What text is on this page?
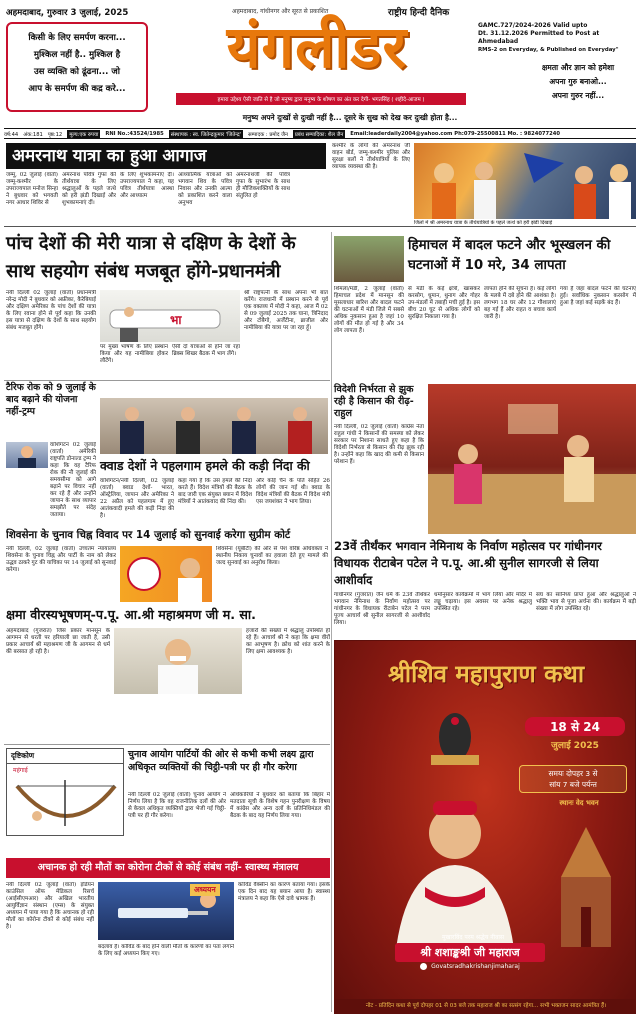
अहमदाबाद, गुरुवार 3 जुलाई, 2025	अहमदाबाद, गांधीनगर और सूरत से प्रकाशित	राष्ट्रीय हिन्दी दैनिक
किसी के लिए समर्पण करना...
मुश्किल नहीं है.. मुश्किल है
उस व्यक्ति को ढूंढना... जो
आप के समर्पण की कद्र करे...
यंगलीडर
हमारा उद्देश्य ऐसी जाति से है जो मनुष्य द्वारा मनुष्य के शोषण का अंत कर देगी- भगतसिंह ( शहीदे-आजम )
GAMC.727/2024-2026 Valid upto
Dt. 31.12.2026 Permitted to Post at Ahmedabad
RMS-2 on Everyday, & Published on Everyday"
क्षमता और ज्ञान को हमेशा
अपना गुरु बनाओ...
अपना गुरुर नहीं...
मनुष्य अपने दुःखों से दुःखी नहीं है... दूसरे के सुख को देख कर दुःखी होता है...
वर्ष:44 अंक:181 पृष्ठ:12	मूल्य:एक रुपया	RNI No.:43524/1985	संस्थापक : स्व. जितेन्द्रकुमार 'जितेन्द्र'	सम्पादक : प्रमोद जैन	प्रबंध सम्पादिका: शैल जैन	Email:leaderdaily2004@yahoo.com Ph:079-25500811 Mo. : 9824077240
अमरनाथ यात्रा का हुआ आगाज
जम्मू, 02 जुलाई (वार्ता) जम्मू-कश्मीर के उपराज्यपाल मनोज सिन्हा ने बुधवार को भगवती नगर आधार शिविर से
अमरनाथ पवित्र गुफा की तीर्थयात्रा के लिए श्रद्धालुओं के पहले जत्थे को हरी झंडी दिखाई और शुभकामनाएं दीं।
के लिए शुभकामनाएं दीं। उपराज्यपाल ने कहा, यह पवित्र तीर्थयात्रा आस्था और आध्यात्म
आध्यात्मिक यात्राओं को भगवान शिव के पवित्र निवास और उनकी आत्मा को प्रकाशित करने वाला अनुभव
अमरनाथजी की पवित्र गुफा के सुभारंभ के साथ ही मौजिकशक्तियों के साथ संतुलित हो
कश्मीर के लोगों की अमरनाथ जी वाहन बोर्ड, जम्मू-कश्मीर पुलिस और सुरक्षा बलों ने तीर्थयात्रियों के लिए व्यापक व्यवस्था की है।
जिलों में श्री अमरनाथ यात्रा के तीर्थयात्रियों के पहले जत्थे को हरी झंडी दिखाई
पांच देशों की मेरी यात्रा से दक्षिण के देशों के साथ सहयोग संबंध मजबूत होंगे-प्रधानमंत्री
नयी दिल्ली 02 जुलाई (वार्ता) प्रधानमंत्री नरेन्द्र मोदी ने बुधवार को अफ्रीका, कैरेबियाई और दक्षिण अमेरिका के पांच देशों की यात्रा के लिए रवाना होने से पूर्व कहा कि उनकी इस यात्रा से दक्षिण के देशों के साथ सहयोग संबंध मजबूत होंगे।
भा
पर मुख्य भाषण के लिए प्रस्थान किया और यह नामीबिया होकर लौटेंगे।
ऐसी दो यात्राओं से होने जा रहा ब्रिक्स शिखर बैठक में भाग लेंगे।
श्री राष्ट्रपत्नी के साथ अपना भी बात करेंगे। राजधानी में प्रस्थान करने से पूर्व एक वक्तव्य में मोदी ने कहा, आज मैं 02 से 09 जुलाई 2025 तक घाना, त्रिनिदाद और टोबैगो, अर्जेंटीना, ब्राजील और नामीबिया की यात्रा पर जा रहा हूँ।
टैरिफ रोक को 9 जुलाई के बाद बढ़ाने की योजना नहीं-ट्रम्प
वाशिंगटन 02 जुलाई (वार्ता) अमेरिकी राष्ट्रपति डोनाल्ड ट्रम्प ने कहा कि वह टैरिफ रोक की नौ जुलाई की समयसीमा को आगे बढ़ाने पर विचार नहीं कर रहे हैं और उन्होंने जापान के साथ व्यापार समझौते पर संदेह जताया।
क्वाड देशों ने पहलगाम हमले की कड़ी निंदा की
वाशिंगटन/नयी दिल्ली, 02 जुलाई (वार्ता) क्वाड देशों- भारत, ऑस्ट्रेलिया, जापान और अमेरिका ने 22 अप्रैल को पहलगाम में हुए आतंकवादी हमले की कड़ी निंदा की है।
कहा गया है कि उस हमले की निंदा करते हैं। विदेश मंत्रियों की बैठक के बाद जारी एक संयुक्त बयान में विदेश मंत्रियों ने आतंकवाद की निंदा की।
और कोई चैन के पति सहित 26 लोगों की जान गई थी। क्वाड के विदेश मंत्रियों की बैठक में विदेश मंत्री एस जयशंकर ने भाग लिया।
हिमाचल में बादल फटने और भूस्खलन की घटनाओं में 10 मरे, 34 लापता
शिमला/मंडी, 2 जुलाई (वार्ता) हिमाचल प्रदेश में मानसून की मूसलाधार बारिश और बादल फटने की घटनाओं में मंडी जिले में सबसे अधिक नुकसान हुआ है जहां 10 लोगों की मौत हो गई है और 34 लोग लापता हैं।
से मंडी के कई क्षेत्रों, खासकर करसोग, धुमान, थुनाग और गोहर उप-मंडलों में तबाही मची हुई है। इस बीच 20 घुट से अधिक लोगों को सुरक्षित निकाला गया है।
लापता होने की सूचना है। कई लोगों के मलबे में दबे होने की आशंका है। लगभग 18 घर और 12 गौशालाएं बह गई हैं और राहत व बचाव कार्य जारी है।
गया है जहां बादल फटने की घटनाएं हुईं। सर्वाधिक नुकसान करसोग में हुआ है जहां कई सड़कें बंद हैं।
विदेशी निर्भरता से झुक रही है किसान की रीढ़-राहुल
नयी दिल्ली, 02 जुलाई (वार्ता) कांग्रेस नेता राहुल गांधी ने किसानों की समस्या को लेकर सरकार पर निशाना साधते हुए कहा है कि विदेशी निर्भरता से किसान की रीढ़ झुक रही है। उन्होंने कहा कि खाद की कमी से किसान परेशान हैं।
23वें तीर्थंकर भगवान नेमिनाथ के निर्वाण महोत्सव पर गांधीनगर विधायक रीटाबेन पटेल ने प.पू. आ.श्री सुनील सागरजी से लिया आशीर्वाद
गांधीनगर (गुजरात) जैन धर्म के 23वें तीर्थंकर भगवान नेमिनाथ के निर्वाण महोत्सव पर गांधीनगर के विधायक रीटाबेन पटेल ने परम पूज्य आचार्य श्री सुनील सागरजी से आशीर्वाद लिया।
धर्मानुसार कार्यक्रमों में भाग लिया और मंदिर में लड्डू चढ़ाया। इस अवसर पर अनेक श्रद्धालु उपस्थित रहे।
संघ का सानिध्य प्राप्त हुआ और श्रद्धालुओं ने भक्ति भाव से पूजा अर्चना की। कार्यक्रम में बड़ी संख्या में लोग उपस्थित रहे।
शिवसेना के चुनाव चिह्न विवाद पर 14 जुलाई को सुनवाई करेगा सुप्रीम कोर्ट
नयी दिल्ली, 02 जुलाई (वार्ता) उच्चतम न्यायालय शिवसेना के चुनाव चिह्न और पार्टी के नाम को लेकर उद्धव ठाकरे गुट की याचिका पर 14 जुलाई को सुनवाई करेगा।
शिवसेना (यूबीटी) की ओर से पेश वरिष्ठ अधिवक्ता ने स्थानीय निकाय चुनावों का हवाला देते हुए मामले की जल्द सुनवाई का अनुरोध किया।
क्षमा वीरस्यभूषणम्-प.पू. आ.श्री महाश्रमण जी म. सा.
अहमदाबाद (गुजरात) जिस प्रकार मानसून के आगमन से धरती पर हरियाली छा जाती है, उसी प्रकार आचार्य श्री महाश्रमण जी के आगमन से धर्म की बरसात हो रही है।
हजारों की संख्या में श्रद्धालु उपस्थित हो रहे हैं। आचार्य श्री ने कहा कि क्षमा वीरों का आभूषण है। क्रोध को शांत करने के लिए क्षमा आवश्यक है।
दृष्टिकोण
महंगाई
चुनाव आयोग पार्टियों की ओर से कभी कभी लक्ष्य द्वारा अधिकृत व्यक्तियों की चिट्ठी-पत्री पर ही गौर करेगा
नयी दिल्ली 02 जुलाई (वार्ता) चुनाव आयोग ने निर्णय लिया है कि वह राजनीतिक दलों की ओर से केवल अधिकृत व्यक्तियों द्वारा भेजी गई चिट्ठी-पत्री पर ही गौर करेगा।
अधिकारियों ने बुधवार को बताया कि बिहार में मतदाता सूची के विशेष गहन पुनरीक्षण के विषय में कांग्रेस और अन्य दलों के प्रतिनिधिमंडल की बैठक के बाद यह निर्णय लिया गया।
अचानक हो रही मौतों का कोरोना टीकों से कोई संबंध नहीं- स्वास्थ्य मंत्रालय
नयी दिल्ली 02 जुलाई (वार्ता) इंडियन काउंसिल ऑफ मेडिकल रिसर्च (आईसीएमआर) और अखिल भारतीय आयुर्विज्ञान संस्थान (एम्स) के संयुक्त अध्ययन में पाया गया है कि अचानक हो रही मौतों का कोरोना टीकों से कोई संबंध नहीं है।
अध्ययन
बदलाव है। कोविड के बाद होने वाली मौतों के कारणों का पता लगाने के लिए कई अध्ययन किए गए।
कोविड वैक्सीन का कारण बताया गया। इसके एक दिन बाद यह बयान आया है। स्वास्थ्य मंत्रालय ने कहा कि ऐसे दावे भ्रामक हैं।
श्रीशिव महापुराण कथा
18 से 24
जुलाई 2025
समयः दोपहर 3 से
सांय 7 बजे पर्यन्त
स्थानः वेद भवन
मुखारविंद परम श्रद्धेय नीवास
श्री शशाङ्कश्री जी महाराज
Govatsradhakrishanjimaharaj
नोट - प्रतिदिन कथा से पूर्व दोपहर 01 से 03 बजे तक महाराज श्री का सत्संग रहेगा... सभी भक्तजन सादर आमंत्रित हैं।
